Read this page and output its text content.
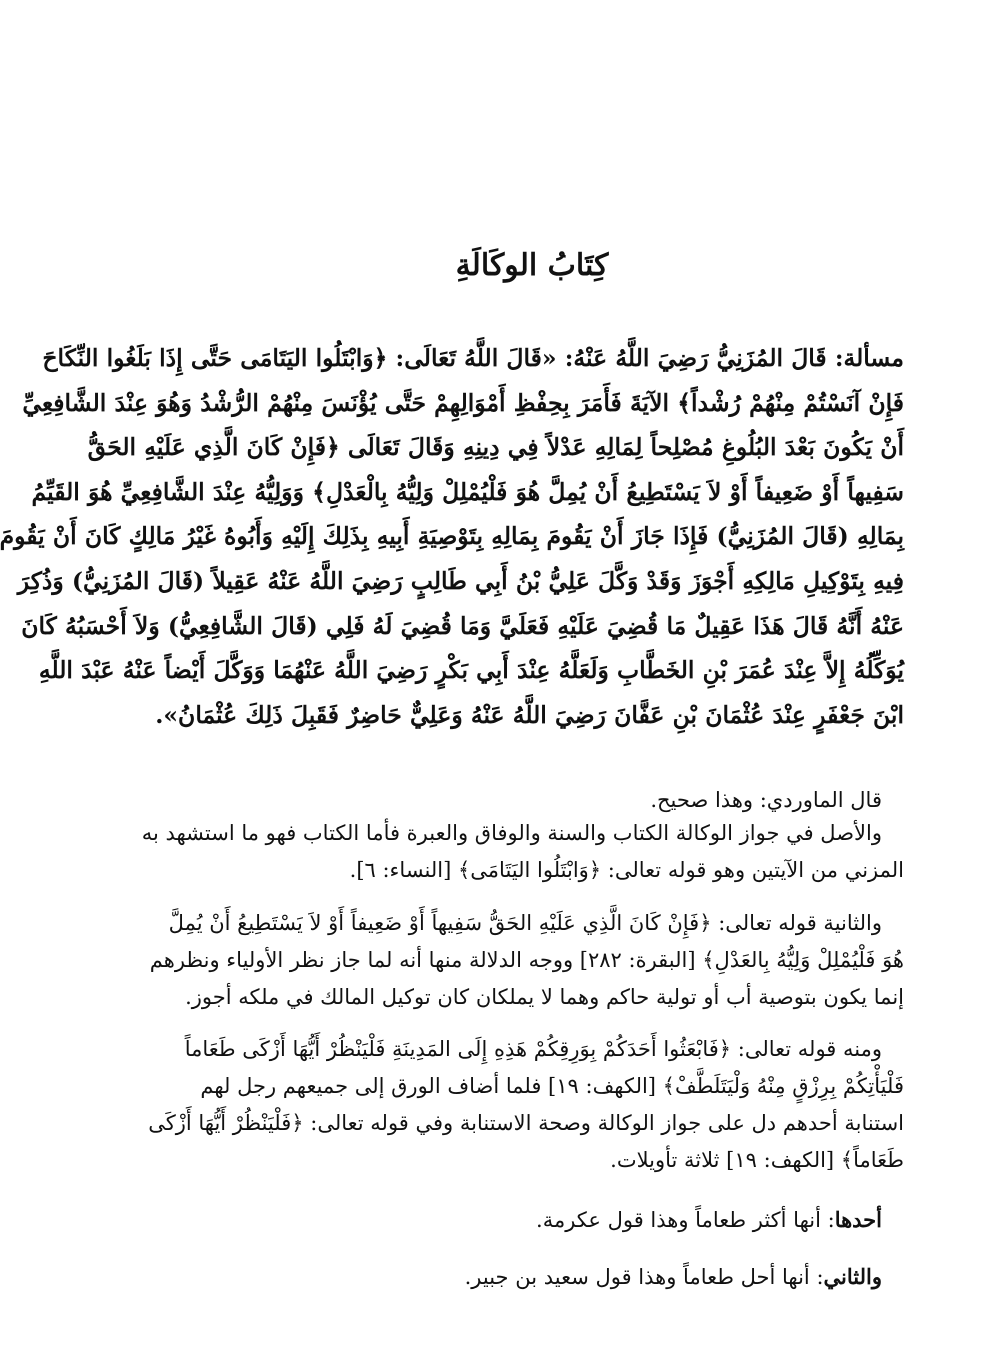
كِتَابُ الوكَالَةِ
مسألة: قَالَ المُزَنِيُّ رَضِيَ اللَّهُ عَنْهُ: «قَالَ اللَّهُ تَعَالَى: ﴿وَابْتَلُوا اليَتَامَى حَتَّى إِذَا بَلَغُوا النِّكَاحَ
فَإِنْ آنَسْتُمْ مِنْهُمْ رُشْداً﴾ الآيَةَ فَأَمَرَ بِحِفْظِ أَمْوَالِهِمْ حَتَّى يُؤْنَسَ مِنْهُمْ الرُّشْدُ وَهُوَ عِنْدَ الشَّافِعِيِّ
أَنْ يَكُونَ بَعْدَ البُلُوغِ مُصْلِحاً لِمَالِهِ عَدْلاً فِي دِينِهِ وَقَالَ تَعَالَى ﴿فَإِنْ كَانَ الَّذِي عَلَيْهِ الحَقُّ
سَفِيهاً أَوْ ضَعِيفاً أَوْ لاَ يَسْتَطِيعُ أَنْ يُمِلَّ هُوَ فَلْيُمْلِلْ وَلِيُّهُ بِالْعَدْلِ﴾ وَوَلِيُّهُ عِنْدَ الشَّافِعِيِّ هُوَ القَيِّمُ
بِمَالِهِ (قَالَ المُزَنِيُّ) فَإِذَا جَازَ أَنْ يَقُومَ بِمَالِهِ بِتَوْصِيَةِ أَبِيهِ بِذَلِكَ إِلَيْهِ وَأَبُوهُ غَيْرُ مَالِكٍ كَانَ أَنْ يَقُومَ
فِيهِ بِتَوْكِيلِ مَالِكِهِ أَجْوَزَ وَقَدْ وَكَّلَ عَلِيُّ بْنُ أَبِي طَالِبٍ رَضِيَ اللَّهُ عَنْهُ عَقِيلاً (قَالَ المُزَنِيُّ) وَذُكِرَ
عَنْهُ أَنَّهُ قَالَ هَذَا عَقِيلٌ مَا قُضِيَ عَلَيْهِ فَعَلَيَّ وَمَا قُضِيَ لَهُ فَلِي (قَالَ الشَّافِعِيُّ) وَلاَ أَحْسَبُهُ كَانَ
يُوَكِّلُهُ إِلاَّ عِنْدَ عُمَرَ بْنِ الخَطَّابِ وَلَعَلَّهُ عِنْدَ أَبِي بَكْرٍ رَضِيَ اللَّهُ عَنْهُمَا وَوَكَّلَ أَيْضاً عَنْهُ عَبْدَ اللَّهِ
ابْنَ جَعْفَرٍ عِنْدَ عُثْمَانَ بْنِ عَفَّانَ رَضِيَ اللَّهُ عَنْهُ وَعَلِيٌّ حَاضِرٌ فَقَبِلَ ذَلِكَ عُثْمَانُ».
قال الماوردي: وهذا صحيح.
والأصل في جواز الوكالة الكتاب والسنة والوفاق والعبرة فأما الكتاب فهو ما استشهد به
المزني من الآيتين وهو قوله تعالى: ﴿وَابْتَلُوا اليَتَامَى﴾ [النساء: ٦].
والثانية قوله تعالى: ﴿فَإِنْ كَانَ الَّذِي عَلَيْهِ الحَقُّ سَفِيهاً أَوْ ضَعِيفاً أَوْ لاَ يَسْتَطِيعُ أَنْ يُمِلَّ
هُوَ فَلْيُمْلِلْ وَلِيُّهُ بِالعَدْلِ﴾ [البقرة: ٢٨٢] ووجه الدلالة منها أنه لما جاز نظر الأولياء ونظرهم
إنما يكون بتوصية أب أو تولية حاكم وهما لا يملكان كان توكيل المالك في ملكه أجوز.
ومنه قوله تعالى: ﴿فَابْعَثُوا أَحَدَكُمْ بِوَرِقِكُمْ هَذِهِ إِلَى المَدِينَةِ فَلْيَنْظُرْ أَيُّهَا أَزْكَى طَعَاماً
فَلْيَأْتِكُمْ بِرِزْقٍ مِنْهُ وَلْيَتَلَطَّفْ﴾ [الكهف: ١٩] فلما أضاف الورق إلى جميعهم رجل لهم
استنابة أحدهم دل على جواز الوكالة وصحة الاستنابة وفي قوله تعالى: ﴿فَلْيَنْظُرْ أَيُّهَا أَزْكَى
طَعَاماً﴾ [الكهف: ١٩] ثلاثة تأويلات.
أحدها: أنها أكثر طعاماً وهذا قول عكرمة.
والثاني: أنها أحل طعاماً وهذا قول سعيد بن جبير.
